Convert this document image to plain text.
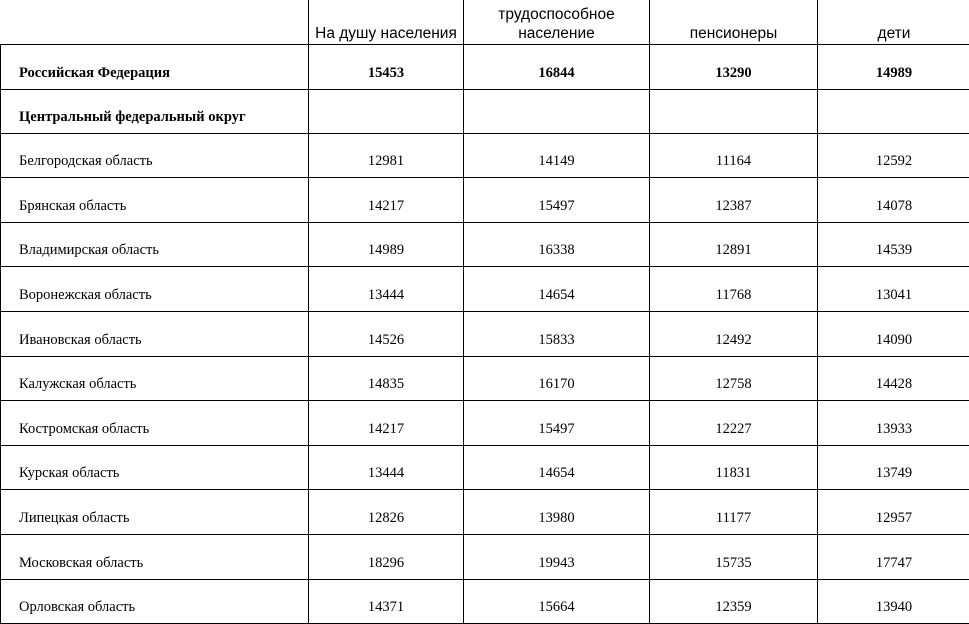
	На душу населения	трудоспособное население	пенсионеры	дети

Российская Федерация	15453	16844	13290	14989
Центральный федеральный округ				
Белгородская область	12981	14149	11164	12592
Брянская область	14217	15497	12387	14078
Владимирская область	14989	16338	12891	14539
Воронежская область	13444	14654	11768	13041
Ивановская область	14526	15833	12492	14090
Калужская область	14835	16170	12758	14428
Костромская область	14217	15497	12227	13933
Курская область	13444	14654	11831	13749
Липецкая область	12826	13980	11177	12957
Московская область	18296	19943	15735	17747
Орловская область	14371	15664	12359	13940
